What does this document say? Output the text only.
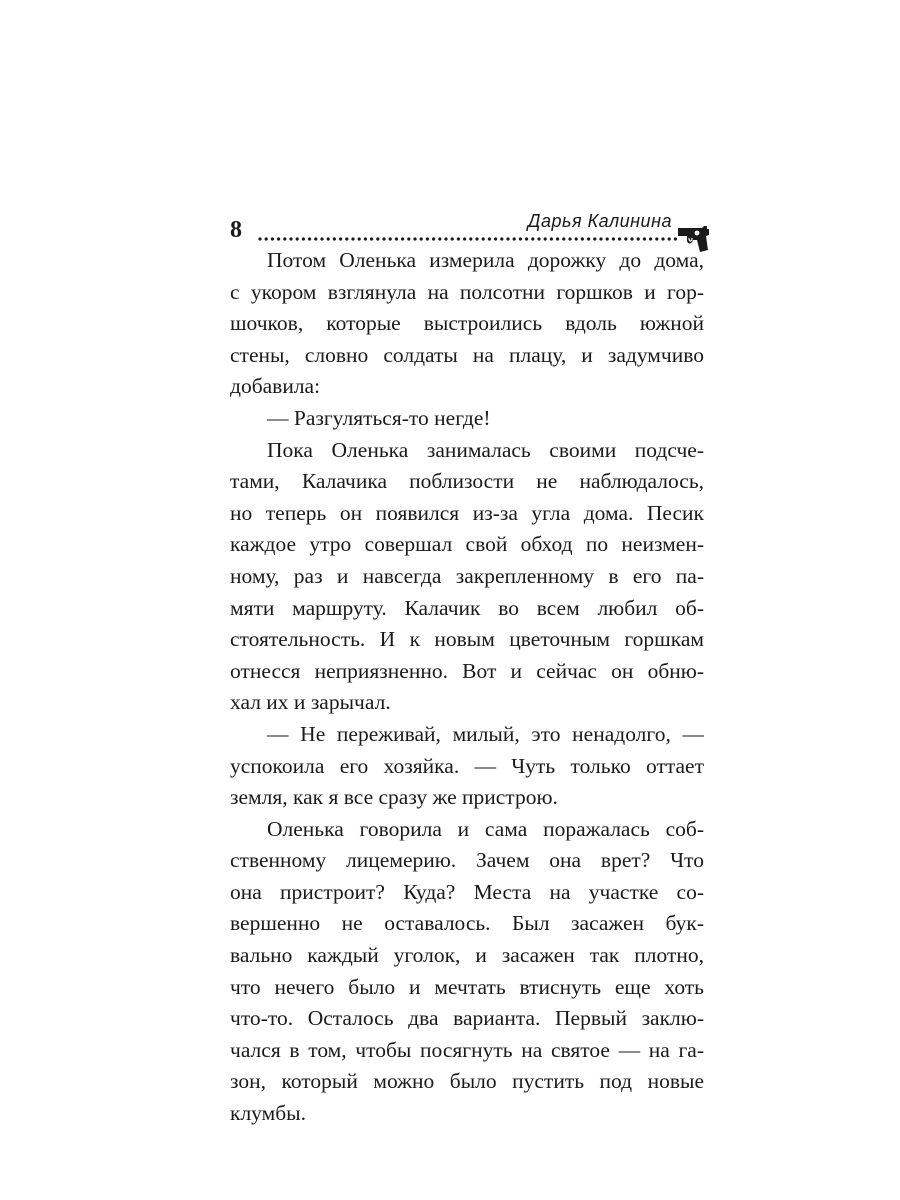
8	Дарья Калинина

Потом Оленька измерила дорожку до дома,
с укором взглянула на полсотни горшков и гор-
шочков, которые выстроились вдоль южной
стены, словно солдаты на плацу, и задумчиво
добавила:

— Разгуляться-то негде!

Пока Оленька занималась своими подсче-
тами, Калачика поблизости не наблюдалось,
но теперь он появился из-за угла дома. Песик
каждое утро совершал свой обход по неизмен-
ному, раз и навсегда закрепленному в его па-
мяти маршруту. Калачик во всем любил об-
стоятельность. И к новым цветочным горшкам
отнесся неприязненно. Вот и сейчас он обню-
хал их и зарычал.

— Не переживай, милый, это ненадолго, —
успокоила его хозяйка. — Чуть только оттает
земля, как я все сразу же пристрою.

Оленька говорила и сама поражалась соб-
ственному лицемерию. Зачем она врет? Что
она пристроит? Куда? Места на участке со-
вершенно не оставалось. Был засажен бук-
вально каждый уголок, и засажен так плотно,
что нечего было и мечтать втиснуть еще хоть
что-то. Осталось два варианта. Первый заклю-
чался в том, чтобы посягнуть на святое — на га-
зон, который можно было пустить под новые
клумбы.
